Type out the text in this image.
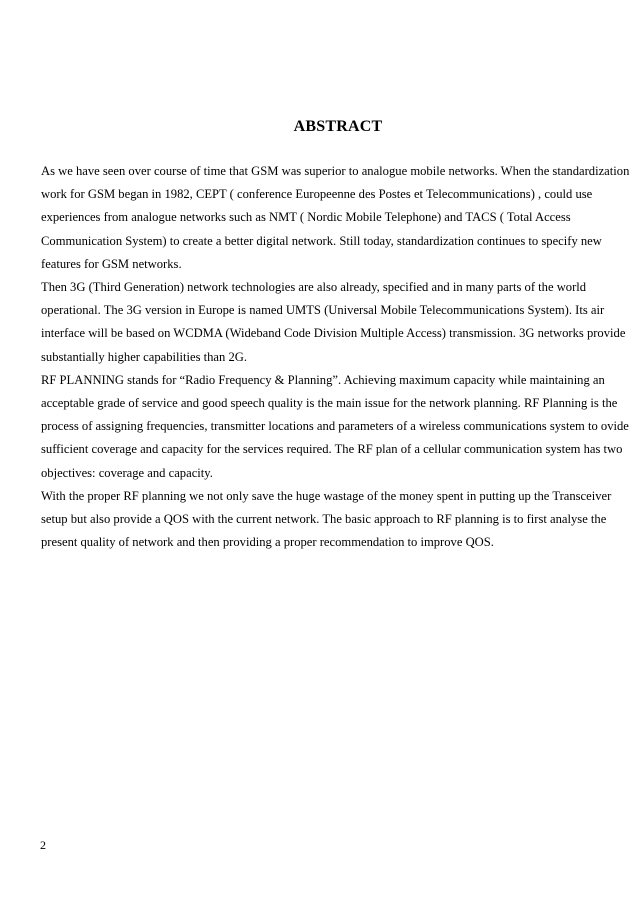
ABSTRACT

As we have seen over course of time that GSM was superior to analogue mobile networks. When the standardization work for GSM began in 1982, CEPT ( conference Europeenne des Postes et Telecommunications) , could use experiences from analogue networks such as NMT ( Nordic Mobile Telephone) and TACS ( Total Access Communication System) to create a better digital network. Still today, standardization continues to specify new features for GSM networks.

Then 3G (Third Generation) network technologies are also already, specified and in many parts of the world operational. The 3G version in Europe is named UMTS (Universal Mobile Telecommunications System). Its air interface will be based on WCDMA (Wideband Code Division Multiple Access) transmission. 3G networks provide substantially higher capabilities than 2G.

RF PLANNING stands for “Radio Frequency & Planning”. Achieving maximum capacity while maintaining an acceptable grade of service and good speech quality is the main issue for the network planning. RF Planning is the process of assigning frequencies, transmitter locations and parameters of a wireless communications system to ovide sufficient coverage and capacity for the services required. The RF plan of a cellular communication system has two objectives: coverage and capacity.

With the proper RF planning we not only save the huge wastage of the money spent in putting up the Transceiver setup but also provide a QOS with the current network. The basic approach to RF planning is to first analyse the present quality of network and then providing a proper recommendation to improve QOS.

2
